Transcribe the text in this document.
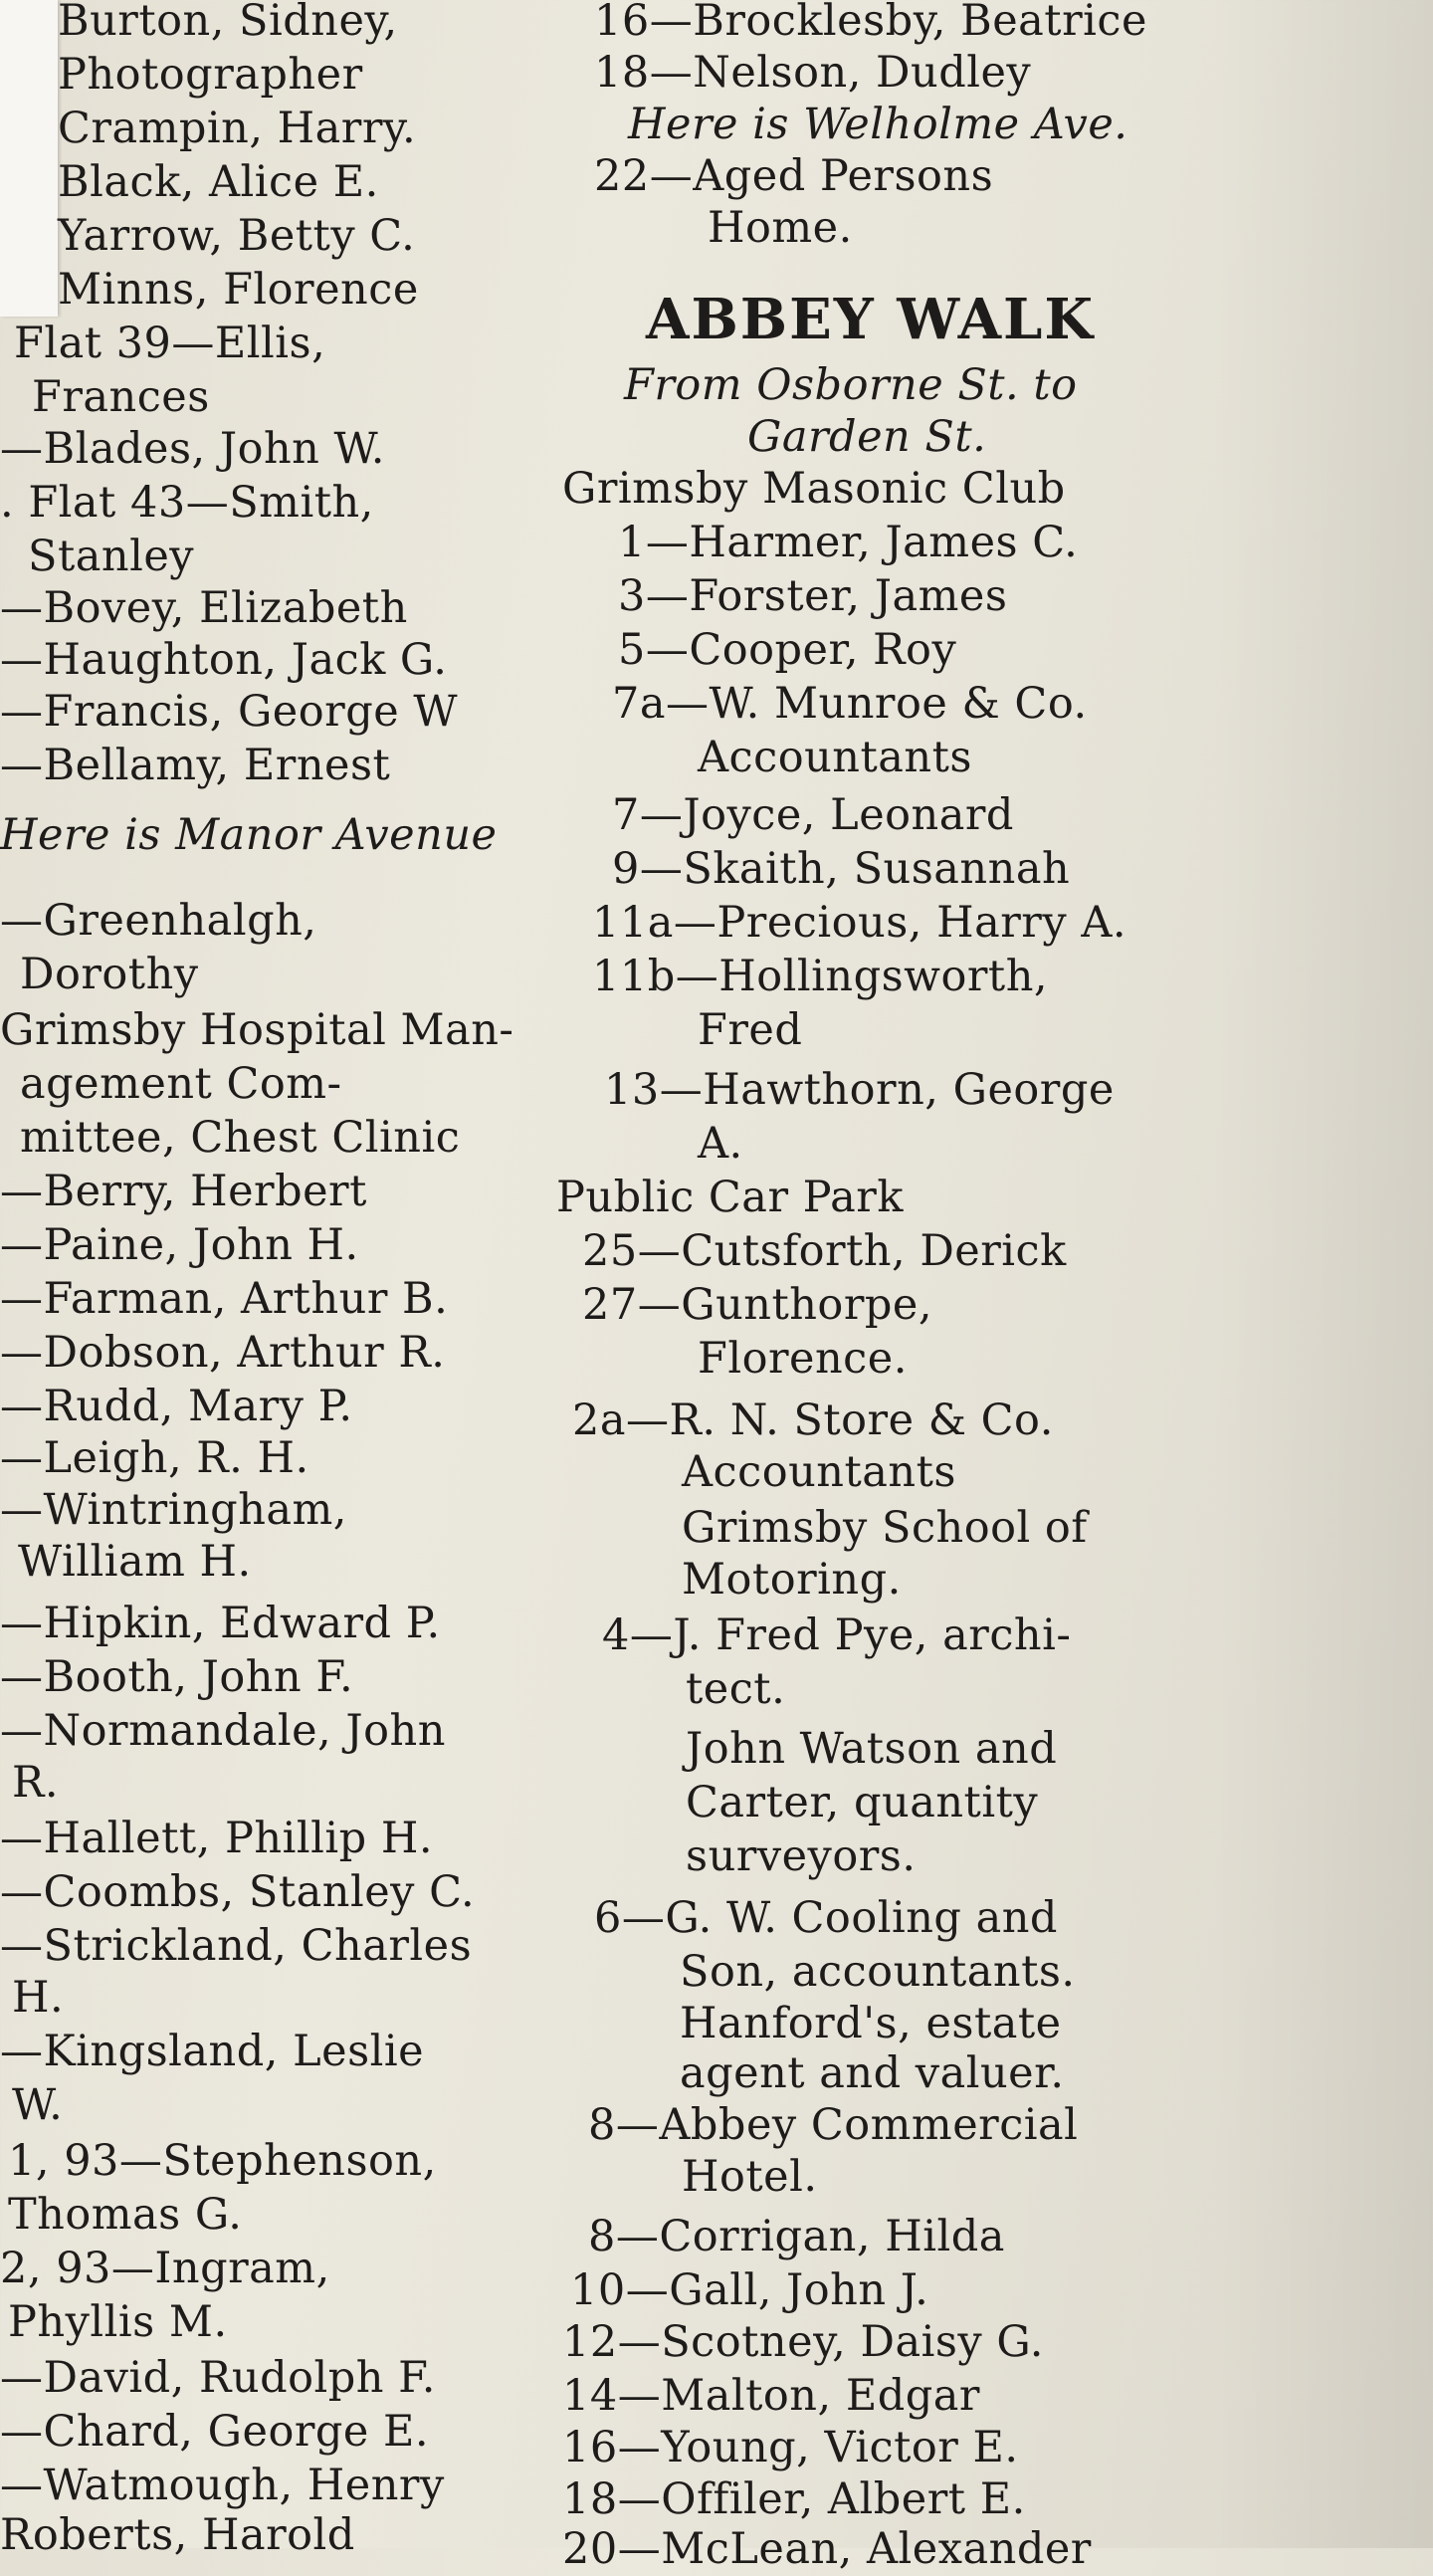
Burton, Sidney,
Photographer
Crampin, Harry.
Black, Alice E.
Yarrow, Betty C.
Minns, Florence
Flat 39—Ellis,
Frances
—Blades, John W.
. Flat 43—Smith,
Stanley
—Bovey, Elizabeth
—Haughton, Jack G.
—Francis, George W
—Bellamy, Ernest
Here is Manor Avenue
—Greenhalgh,
Dorothy
Grimsby Hospital Man-
agement Com-
mittee, Chest Clinic
—Berry, Herbert
—Paine, John H.
—Farman, Arthur B.
—Dobson, Arthur R.
—Rudd, Mary P.
—Leigh, R. H.
—Wintringham,
William H.
—Hipkin, Edward P.
—Booth, John F.
—Normandale, John
R.
—Hallett, Phillip H.
—Coombs, Stanley C.
—Strickland, Charles
H.
—Kingsland, Leslie
W.
1, 93—Stephenson,
Thomas G.
2, 93—Ingram,
Phyllis M.
—David, Rudolph F.
—Chard, George E.
—Watmough, Henry
Roberts, Harold
16—Brocklesby, Beatrice
18—Nelson, Dudley
Here is Welholme Ave.
22—Aged Persons
Home.
ABBEY WALK
From Osborne St. to
Garden St.
Grimsby Masonic Club
1—Harmer, James C.
3—Forster, James
5—Cooper, Roy
7a—W. Munroe & Co.
Accountants
7—Joyce, Leonard
9—Skaith, Susannah
11a—Precious, Harry A.
11b—Hollingsworth,
Fred
13—Hawthorn, George
A.
Public Car Park
25—Cutsforth, Derick
27—Gunthorpe,
Florence.
2a—R. N. Store & Co.
Accountants
Grimsby School of
Motoring.
4—J. Fred Pye, archi-
tect.
John Watson and
Carter, quantity
surveyors.
6—G. W. Cooling and
Son, accountants.
Hanford's, estate
agent and valuer.
8—Abbey Commercial
Hotel.
8—Corrigan, Hilda
10—Gall, John J.
12—Scotney, Daisy G.
14—Malton, Edgar
16—Young, Victor E.
18—Offiler, Albert E.
20—McLean, Alexander
